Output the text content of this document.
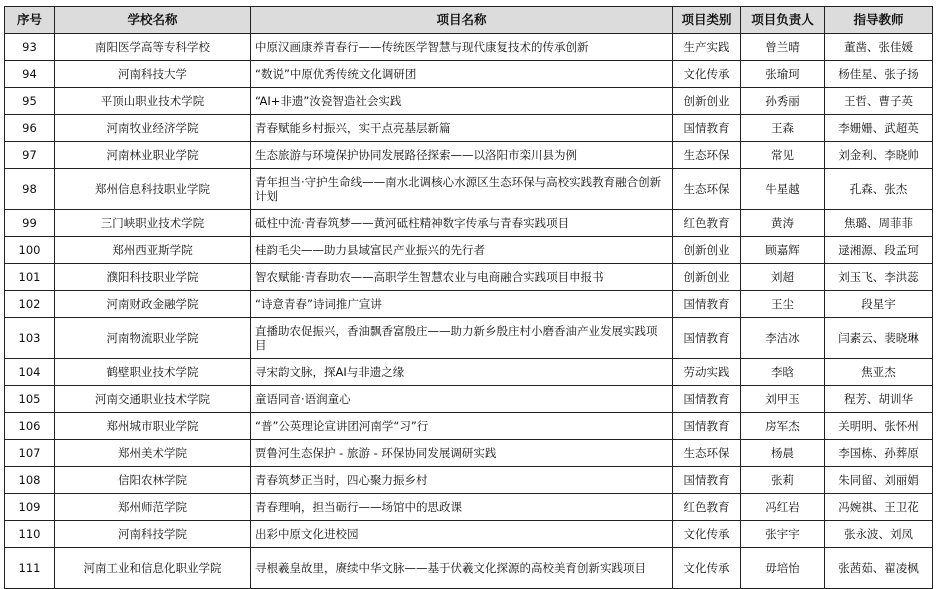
序号	学校名称	项目名称	项目类别	项目负责人	指导教师
93	南阳医学高等专科学校	中原汉画康养青春行——传统医学智慧与现代康复技术的传承创新	生产实践	曾兰晴	董凿、张佳媛
94	河南科技大学	“数说”中原优秀传统文化调研团	文化传承	张瑜珂	杨佳星、张子扬
95	平顶山职业技术学院	“AI+非遗”汝瓷智造社会实践	创新创业	孙秀丽	王哲、曹子英
96	河南牧业经济学院	青春赋能乡村振兴，实干点亮基层新篇	国情教育	王森	李姗姗、武超英
97	河南林业职业学院	生态旅游与环境保护协同发展路径探索——以洛阳市栾川县为例	生态环保	常见	刘金利、李晓帅
98	郑州信息科技职业学院	青年担当·守护生命线——南水北调核心水源区生态环保与高校实践教育融合创新计划	生态环保	牛星越	孔森、张杰
99	三门峡职业技术学院	砥柱中流·青春筑梦——黄河砥柱精神数字传承与青春实践项目	红色教育	黄涛	焦璐、周菲菲
100	郑州西亚斯学院	桂韵毛尖——助力县域富民产业振兴的先行者	创新创业	顾嘉辉	逯湘源、段孟珂
101	濮阳科技职业学院	智农赋能·青春助农——高职学生智慧农业与电商融合实践项目申报书	创新创业	刘超	刘玉飞、李洪蕊
102	河南财政金融学院	“诗意青春”诗词推广宣讲	国情教育	王尘	段星宇
103	河南物流职业学院	直播助农促振兴，香油飘香富殷庄——助力新乡殷庄村小磨香油产业发展实践项目	国情教育	李洁冰	闫素云、裴晓琳
104	鹤壁职业技术学院	寻宋韵文脉，探AI与非遗之缘	劳动实践	李晗	焦亚杰
105	河南交通职业技术学院	童语同音·语润童心	国情教育	刘甲玉	程芳、胡训华
106	郑州城市职业学院	“普”公英理论宣讲团河南学“习”行	国情教育	房军杰	关明明、张怀州
107	郑州美术学院	贾鲁河生态保护 - 旅游 - 环保协同发展调研实践	生态环保	杨晨	李国栋、孙葬原
108	信阳农林学院	青春筑梦正当时，四心聚力振乡村	国情教育	张莉	朱同留、刘丽娟
109	郑州师范学院	青春理响，担当砺行——场馆中的思政课	红色教育	冯红岩	冯婉祺、王卫花
110	河南科技学院	出彩中原文化进校园	文化传承	张宇宇	张永波、刘凤
111	河南工业和信息化职业学院	寻根羲皇故里，赓续中华文脉——基于伏羲文化探源的高校美育创新实践项目	文化传承	毋培怡	张茜茹、翟凌枫
